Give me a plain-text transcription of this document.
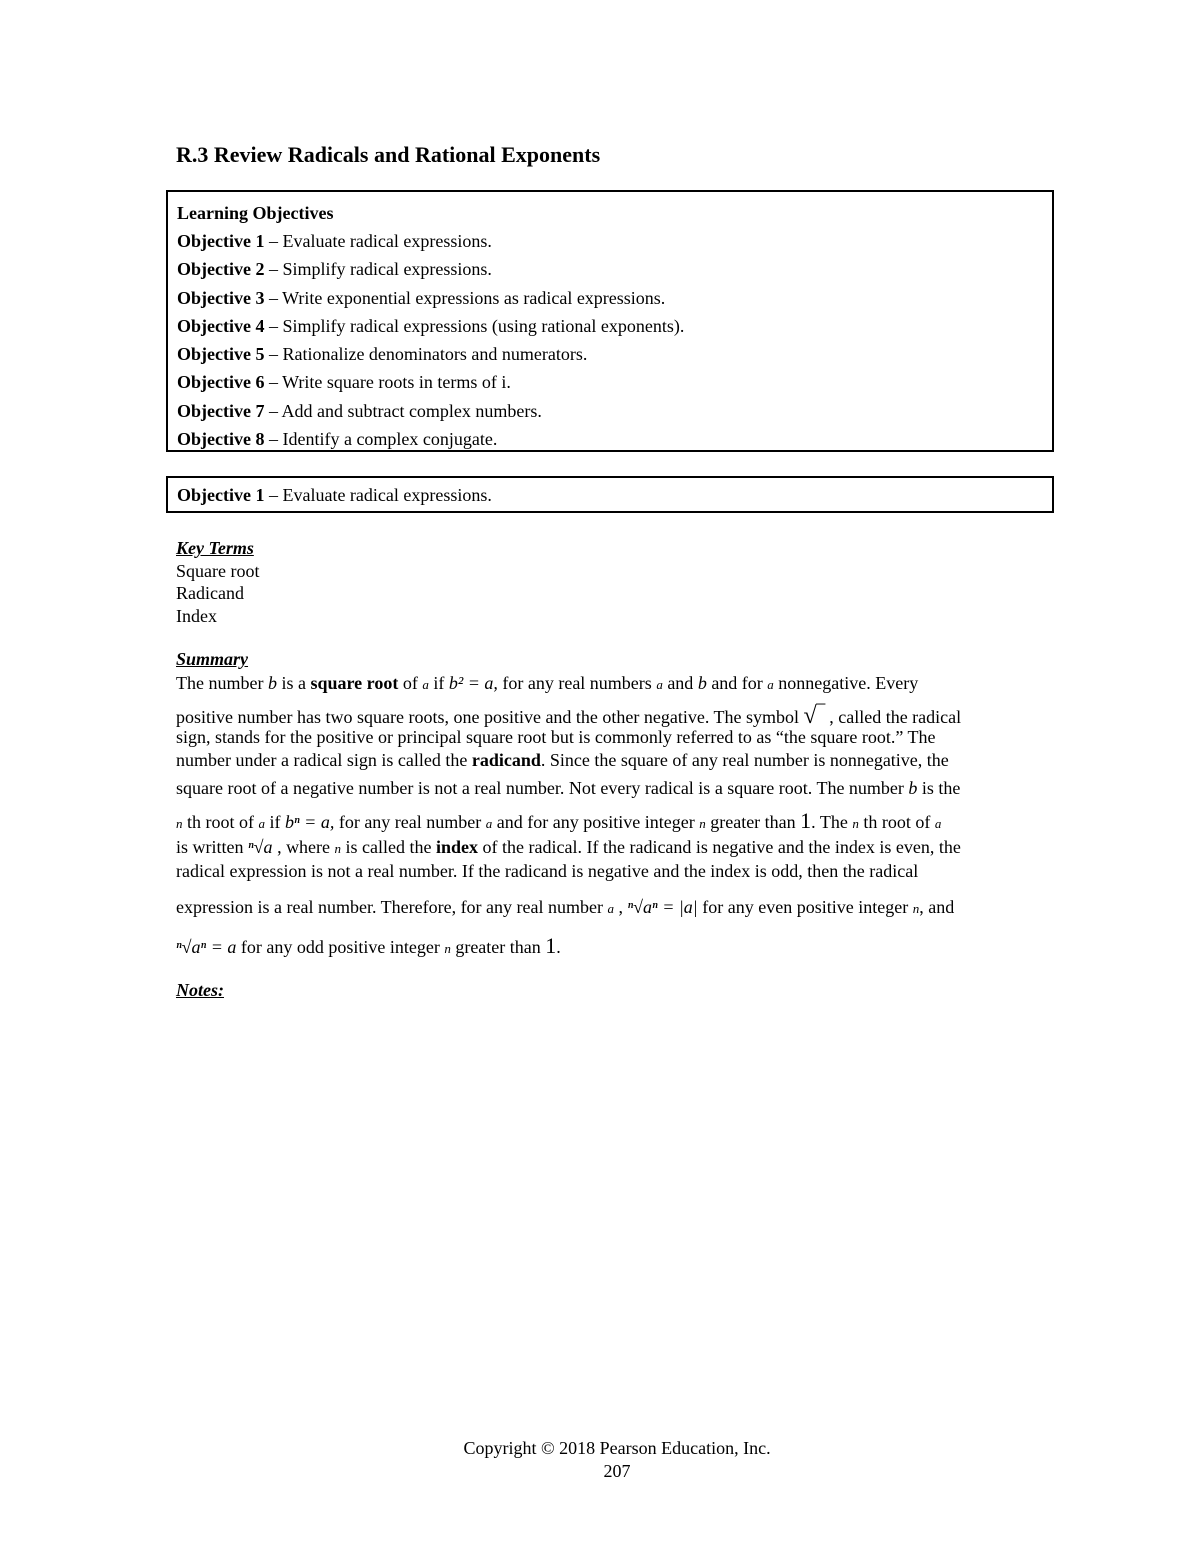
R.3 Review Radicals and Rational Exponents
Learning Objectives
Objective 1 – Evaluate radical expressions.
Objective 2 – Simplify radical expressions.
Objective 3 – Write exponential expressions as radical expressions.
Objective 4 – Simplify radical expressions (using rational exponents).
Objective 5 – Rationalize denominators and numerators.
Objective 6 – Write square roots in terms of i.
Objective 7 – Add and subtract complex numbers.
Objective 8 – Identify a complex conjugate.
Objective 1 – Evaluate radical expressions.
Key Terms
Square root
Radicand
Index
Summary
The number b is a square root of a if b² = a, for any real numbers a and b and for a nonnegative. Every
positive number has two square roots, one positive and the other negative. The symbol √‾ , called the radical
sign, stands for the positive or principal square root but is commonly referred to as “the square root.” The
number under a radical sign is called the radicand. Since the square of any real number is nonnegative, the
square root of a negative number is not a real number. Not every radical is a square root. The number b is the
n th root of a if bⁿ = a, for any real number a and for any positive integer n greater than 1. The n th root of a
is written ⁿ√a , where n is called the index of the radical. If the radicand is negative and the index is even, the
radical expression is not a real number. If the radicand is negative and the index is odd, then the radical
expression is a real number. Therefore, for any real number a , ⁿ√aⁿ = |a| for any even positive integer n, and
ⁿ√aⁿ = a for any odd positive integer n greater than 1.
Notes:
Copyright © 2018 Pearson Education, Inc.
207
